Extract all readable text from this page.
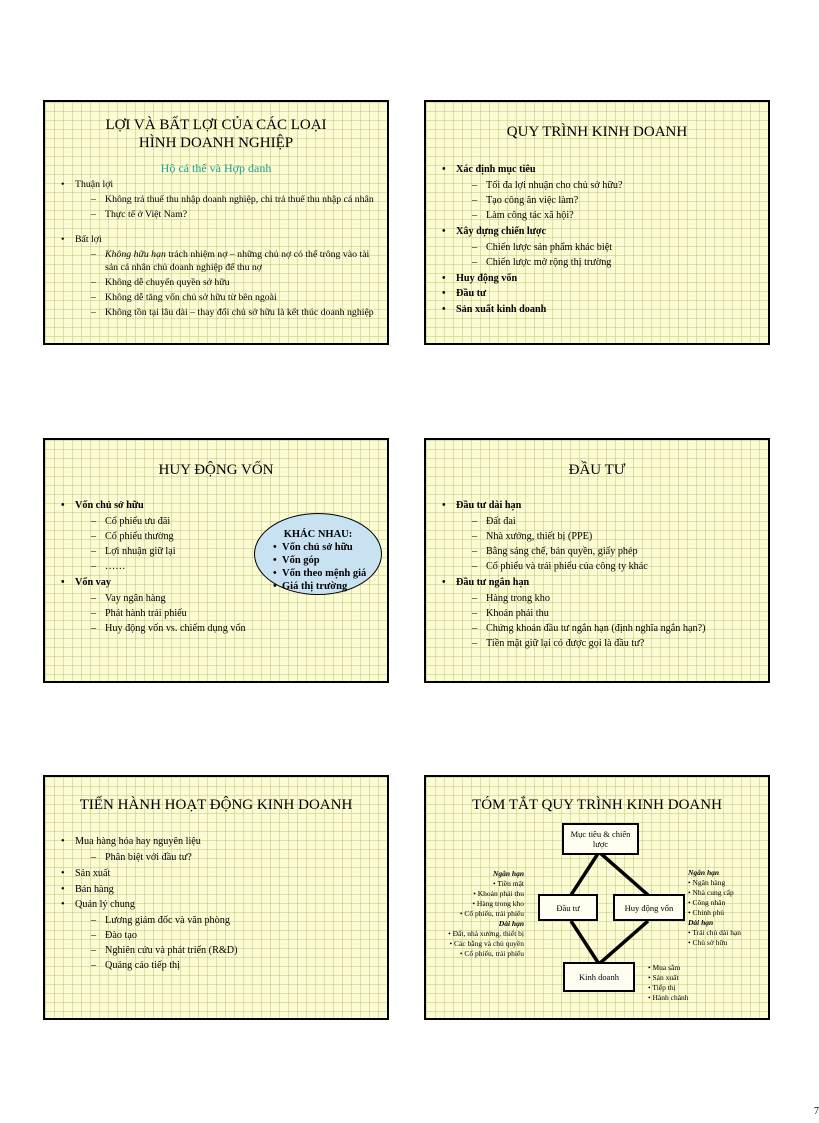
LỢI VÀ BẤT LỢI CỦA CÁC LOẠI HÌNH DOANH NGHIỆP
Hộ cá thể và Hợp danh
• Thuận lợi
– Không trả thuế thu nhập doanh nghiệp, chỉ trả thuế thu nhập cá nhân
– Thực tế ở Việt Nam?
• Bất lợi
– Không hữu hạn trách nhiệm nợ – những chủ nợ có thể trông vào tài sản cá nhân chủ doanh nghiệp để thu nợ
– Không dễ chuyển quyền sở hữu
– Không dễ tăng vốn chủ sở hữu từ bên ngoài
– Không tồn tại lâu dài – thay đổi chủ sở hữu là kết thúc doanh nghiệp
QUY TRÌNH KINH DOANH
• Xác định mục tiêu
– Tối đa lợi nhuận cho chủ sở hữu?
– Tạo công ăn việc làm?
– Làm công tác xã hội?
• Xây dựng chiến lược
– Chiến lược sản phẩm khác biệt
– Chiến lược mở rộng thị trường
• Huy động vốn
• Đầu tư
• Sản xuất kinh doanh
HUY ĐỘNG VỐN
• Vốn chủ sở hữu
– Cổ phiếu ưu đãi
– Cổ phiếu thường
– Lợi nhuận giữ lại
– ……
• Vốn vay
– Vay ngân hàng
– Phát hành trái phiếu
– Huy động vốn vs. chiếm dụng vốn
KHÁC NHAU:
• Vốn chủ sở hữu
• Vốn góp
• Vốn theo mệnh giá
• Giá thị trường
ĐẦU TƯ
• Đầu tư dài hạn
– Đất đai
– Nhà xưởng, thiết bị (PPE)
– Bằng sáng chế, bản quyền, giấy phép
– Cổ phiếu và trái phiếu của công ty khác
• Đầu tư ngắn hạn
– Hàng trong kho
– Khoản phải thu
– Chứng khoán đầu tư ngắn hạn (định nghĩa ngắn hạn?)
– Tiền mặt giữ lại có được gọi là đầu tư?
TIẾN HÀNH HOẠT ĐỘNG KINH DOANH
• Mua hàng hóa hay nguyên liệu
– Phân biệt với đầu tư?
• Sản xuất
• Bán hàng
• Quản lý chung
– Lương giám đốc và văn phòng
– Đào tạo
– Nghiên cứu và phát triển (R&D)
– Quảng cáo tiếp thị
TÓM TẮT QUY TRÌNH KINH DOANH
Mục tiêu & chiến lược
Đầu tư	Huy động vốn
Kinh doanh
Ngắn hạn
• Tiền mặt
• Khoản phải thu
• Hàng trong kho
• Cổ phiếu, trái phiếu
Dài hạn
• Đất, nhà xưởng, thiết bị
• Các bằng và chủ quyền
• Cổ phiếu, trái phiếu
Ngắn hạn
• Ngân hàng
• Nhà cung cấp
• Công nhân
• Chính phủ
Dài hạn
• Trái chủ dài hạn
• Chủ sở hữu
• Mua sắm
• Sản xuất
• Tiếp thị
• Hành chánh
7
